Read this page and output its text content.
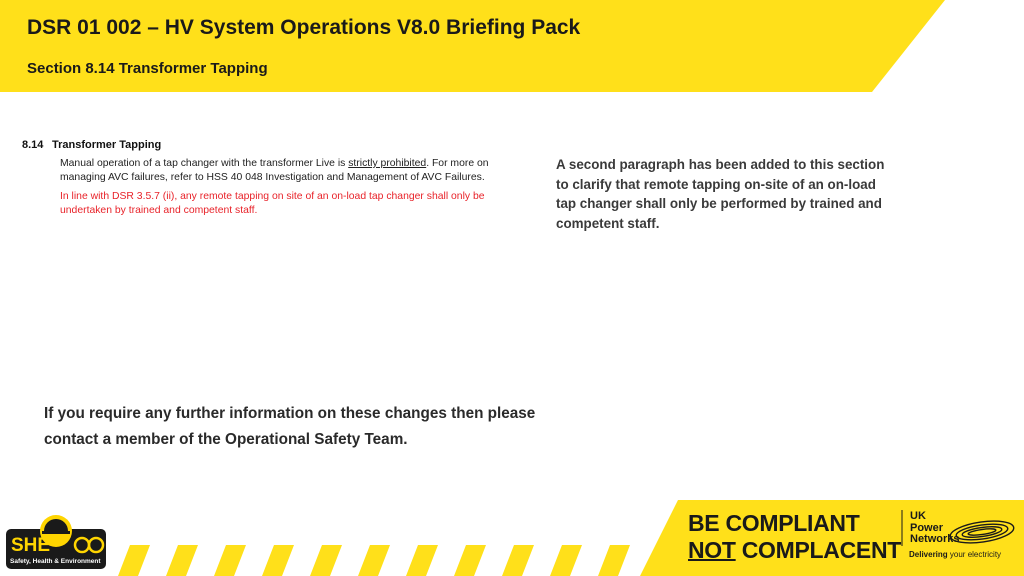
DSR 01 002 – HV System Operations V8.0 Briefing Pack
Section 8.14 Transformer Tapping
8.14 Transformer Tapping

Manual operation of a tap changer with the transformer Live is strictly prohibited. For more on managing AVC failures, refer to HSS 40 048 Investigation and Management of AVC Failures.

In line with DSR 3.5.7 (ii), any remote tapping on site of an on-load tap changer shall only be undertaken by trained and competent staff.

A second paragraph has been added to this section to clarify that remote tapping on-site of an on-load tap changer shall only be performed by trained and competent staff.
If you require any further information on these changes then please contact a member of the Operational Safety Team.
BE COMPLIANT
NOT COMPLACENT
UK
Power
Networks
Delivering your electricity
SHE
Safety, Health & Environment
